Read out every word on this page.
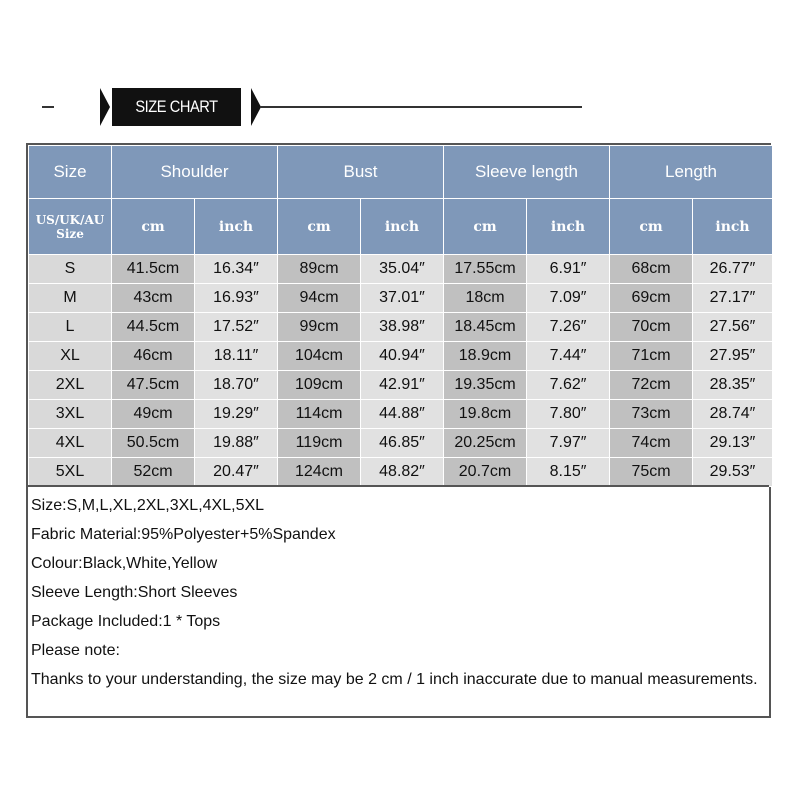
SIZE CHART
Size	Shoulder		Bust		Sleeve length		Length	

US/UK/AU
Size	cm	inch	cm	inch	cm	inch	cm	inch
S	41.5cm	16.34″	89cm	35.04″	17.55cm	6.91″	68cm	26.77″
M	43cm	16.93″	94cm	37.01″	18cm	7.09″	69cm	27.17″
L	44.5cm	17.52″	99cm	38.98″	18.45cm	7.26″	70cm	27.56″
XL	46cm	18.11″	104cm	40.94″	18.9cm	7.44″	71cm	27.95″
2XL	47.5cm	18.70″	109cm	42.91″	19.35cm	7.62″	72cm	28.35″
3XL	49cm	19.29″	114cm	44.88″	19.8cm	7.80″	73cm	28.74″
4XL	50.5cm	19.88″	119cm	46.85″	20.25cm	7.97″	74cm	29.13″
5XL	52cm	20.47″	124cm	48.82″	20.7cm	8.15″	75cm	29.53″
Size:S,M,L,XL,2XL,3XL,4XL,5XL
Fabric Material:95%Polyester+5%Spandex
Colour:Black,White,Yellow
Sleeve Length:Short Sleeves
Package Included:1 * Tops
Please note:
Thanks to your understanding, the size may be 2 cm / 1 inch inaccurate due to manual measurements.
